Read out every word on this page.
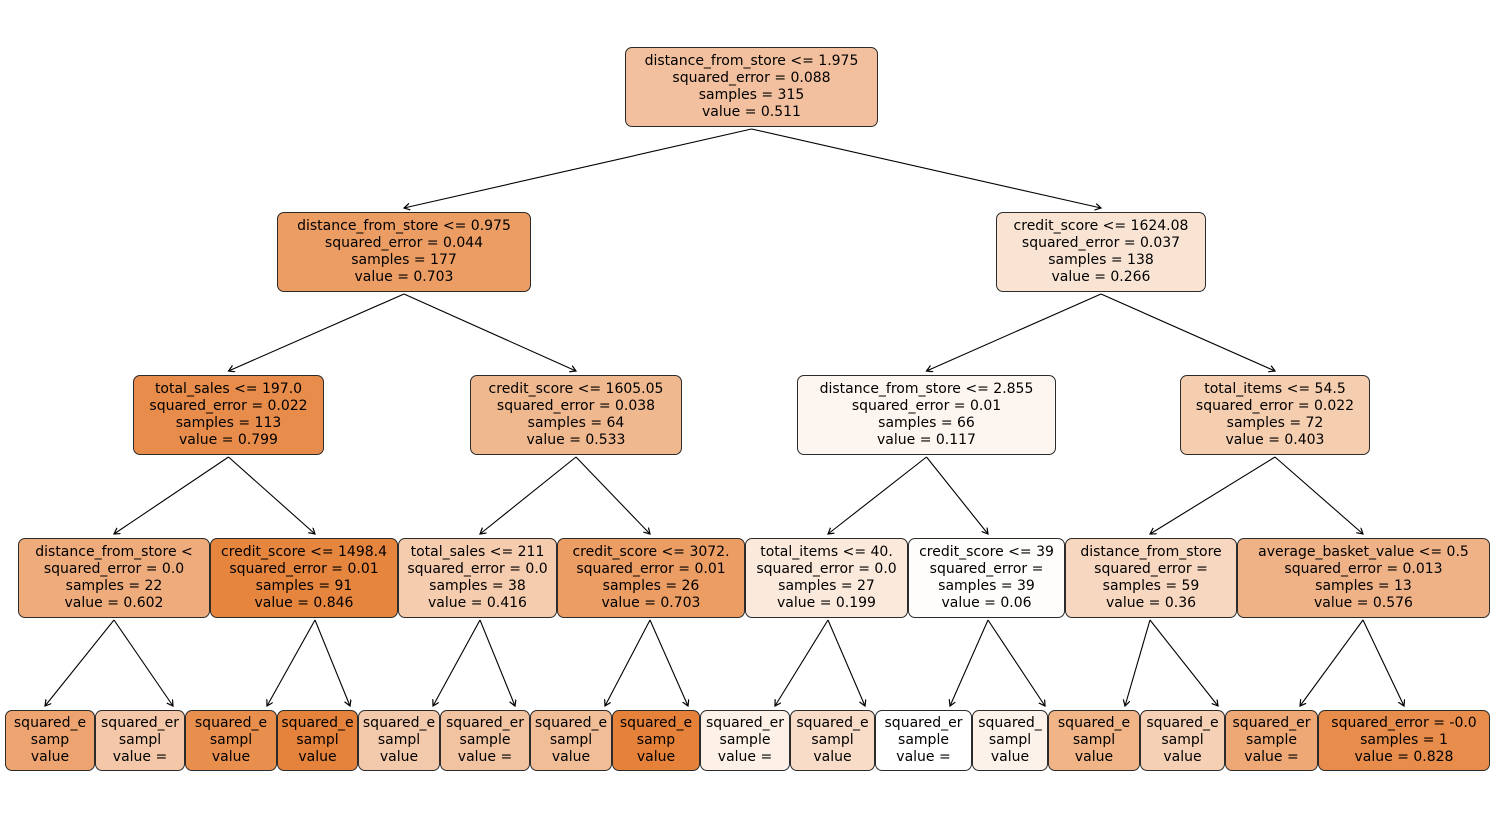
distance_from_store <= 1.975
squared_error = 0.088
samples = 315
value = 0.511
distance_from_store <= 0.975
squared_error = 0.044
samples = 177
value = 0.703
credit_score <= 1624.08
squared_error = 0.037
samples = 138
value = 0.266
total_sales <= 197.0
squared_error = 0.022
samples = 113
value = 0.799
credit_score <= 1605.05
squared_error = 0.038
samples = 64
value = 0.533
distance_from_store <= 2.855
squared_error = 0.01
samples = 66
value = 0.117
total_items <= 54.5
squared_error = 0.022
samples = 72
value = 0.403
distance_from_store <
squared_error = 0.0
samples = 22
value = 0.602
credit_score <= 1498.4
squared_error = 0.01
samples = 91
value = 0.846
total_sales <= 211
squared_error = 0.0
samples = 38
value = 0.416
credit_score <= 3072.
squared_error = 0.01
samples = 26
value = 0.703
total_items <= 40.
squared_error = 0.0
samples = 27
value = 0.199
credit_score <= 39
squared_error =
samples = 39
value = 0.06
distance_from_store
squared_error =
samples = 59
value = 0.36
average_basket_value <= 0.5
squared_error = 0.013
samples = 13
value = 0.576
squared_e
samp
value
squared_er
sampl
value =
squared_e
sampl
value
squared_e
sampl
value
squared_e
sampl
value
squared_er
sample
value =
squared_e
sampl
value
squared_e
samp
value
squared_er
sample
value =
squared_e
sampl
value
squared_er
sample
value =
squared_
sampl
value
squared_e
sampl
value
squared_e
sampl
value
squared_er
sample
value =
squared_error = -0.0
samples = 1
value = 0.828
